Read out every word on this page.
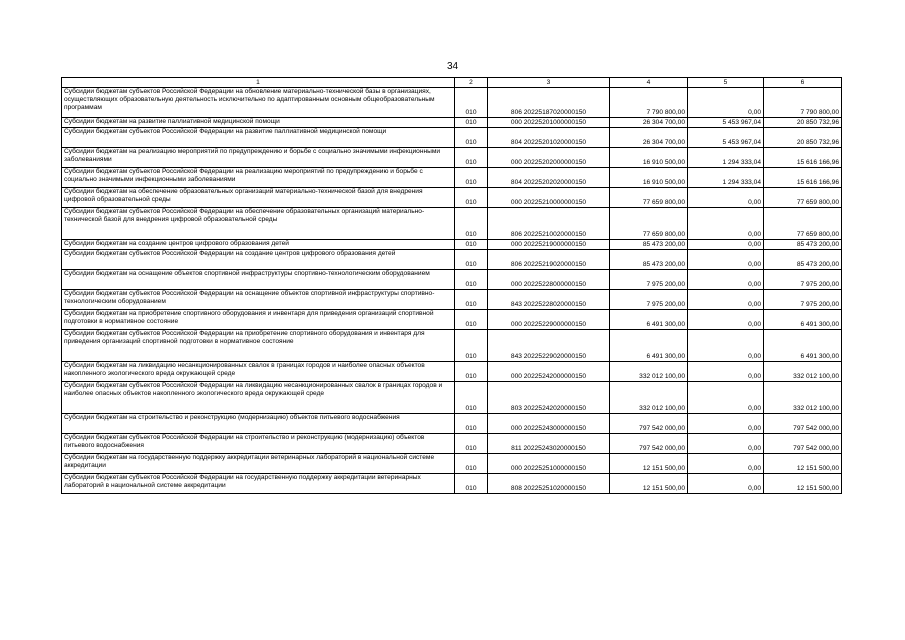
34
1	2	3	4	5	6
Субсидии бюджетам субъектов Российской Федерации на обновление материально-технической базы в организациях, осуществляющих образовательную деятельность исключительно по адаптированным основным общеобразовательным программам	010	806 20225187020000150	7 790 800,00	0,00	7 790 800,00
Субсидии бюджетам на развитие паллиативной медицинской помощи	010	000 20225201000000150	26 304 700,00	5 453 967,04	20 850 732,96
Субсидии бюджетам субъектов Российской Федерации на развитие паллиативной медицинской помощи	010	804 20225201020000150	26 304 700,00	5 453 967,04	20 850 732,96
Субсидии бюджетам на реализацию мероприятий по предупреждению и борьбе с социально значимыми инфекционными заболеваниями	010	000 20225202000000150	16 910 500,00	1 294 333,04	15 616 166,96
Субсидии бюджетам субъектов Российской Федерации на реализацию мероприятий по предупреждению и борьбе с социально значимыми инфекционными заболеваниями	010	804 20225202020000150	16 910 500,00	1 294 333,04	15 616 166,96
Субсидии бюджетам на обеспечение образовательных организаций материально-технической базой для внедрения цифровой образовательной среды	010	000 20225210000000150	77 659 800,00	0,00	77 659 800,00
Субсидии бюджетам субъектов Российской Федерации на обеспечение образовательных организаций материально-технической базой для внедрения цифровой образовательной среды	010	806 20225210020000150	77 659 800,00	0,00	77 659 800,00
Субсидии бюджетам на создание центров цифрового образования детей	010	000 20225219000000150	85 473 200,00	0,00	85 473 200,00
Субсидии бюджетам субъектов Российской Федерации на создание центров цифрового образования детей	010	806 20225219020000150	85 473 200,00	0,00	85 473 200,00
Субсидии бюджетам на оснащение объектов спортивной инфраструктуры спортивно-технологическим оборудованием	010	000 20225228000000150	7 975 200,00	0,00	7 975 200,00
Субсидии бюджетам субъектов Российской Федерации на оснащение объектов спортивной инфраструктуры спортивно-технологическим оборудованием	010	843 20225228020000150	7 975 200,00	0,00	7 975 200,00
Субсидии бюджетам на приобретение спортивного оборудования и инвентаря для приведения организаций спортивной подготовки в нормативное состояние	010	000 20225229000000150	6 491 300,00	0,00	6 491 300,00
Субсидии бюджетам субъектов Российской Федерации на приобретение спортивного оборудования и инвентаря для приведения организаций спортивной подготовки в нормативное состояние	010	843 20225229020000150	6 491 300,00	0,00	6 491 300,00
Субсидии бюджетам на ликвидацию несанкционированных свалок в границах городов и наиболее опасных объектов накопленного экологического вреда окружающей среде	010	000 20225242000000150	332 012 100,00	0,00	332 012 100,00
Субсидии бюджетам субъектов Российской Федерации на ликвидацию несанкционированных свалок в границах городов и наиболее опасных объектов накопленного экологического вреда окружающей среде	010	803 20225242020000150	332 012 100,00	0,00	332 012 100,00
Субсидии бюджетам на строительство и реконструкцию (модернизацию) объектов питьевого водоснабжения	010	000 20225243000000150	797 542 000,00	0,00	797 542 000,00
Субсидии бюджетам субъектов Российской Федерации на строительство и реконструкцию (модернизацию) объектов питьевого водоснабжения	010	811 20225243020000150	797 542 000,00	0,00	797 542 000,00
Субсидии бюджетам на государственную поддержку аккредитации ветеринарных лабораторий в национальной системе аккредитации	010	000 20225251000000150	12 151 500,00	0,00	12 151 500,00
Субсидии бюджетам субъектов Российской Федерации на государственную поддержку аккредитации ветеринарных лабораторий в национальной системе аккредитации	010	808 20225251020000150	12 151 500,00	0,00	12 151 500,00
